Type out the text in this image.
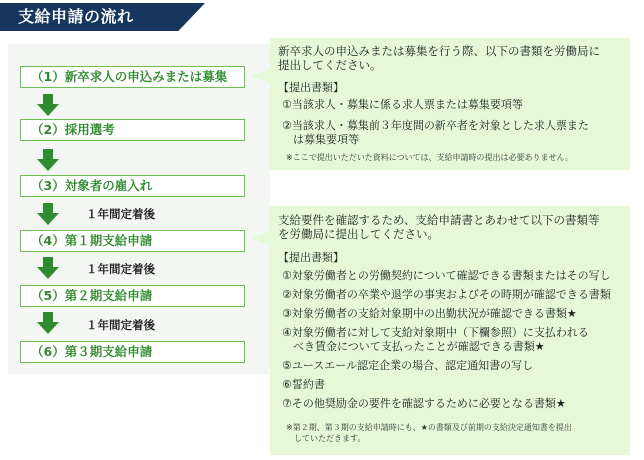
支給申請の流れ
（1）新卒求人の申込みまたは募集
（2）採用選考
（3）対象者の雇入れ
１年間定着後
（4）第１期支給申請
１年間定着後
（5）第２期支給申請
１年間定着後
（6）第３期支給申請
新卒求人の申込みまたは募集を行う際、以下の書類を労働局に
提出してください。
【提出書類】
①当該求人・募集に係る求人票または募集要項等
②当該求人・募集前３年度間の新卒者を対象とした求人票また
　は募集要項等
※ここで提出いただいた資料については、支給申請時の提出は必要ありません。
支給要件を確認するため、支給申請書とあわせて以下の書類等
を労働局に提出してください。
【提出書類】
①対象労働者との労働契約について確認できる書類またはその写し
②対象労働者の卒業や退学の事実およびその時期が確認できる書類
③対象労働者の支給対象期中の出勤状況が確認できる書類★
④対象労働者に対して支給対象期中（下欄参照）に支払われる
　べき賃金について支払ったことが確認できる書類★
⑤ユースエール認定企業の場合、認定通知書の写し
⑥誓約書
⑦その他奨励金の要件を確認するために必要となる書類★
※第２期、第３期の支給申請時にも、★の書類及び前期の支給決定通知書を提出
　していただきます。
